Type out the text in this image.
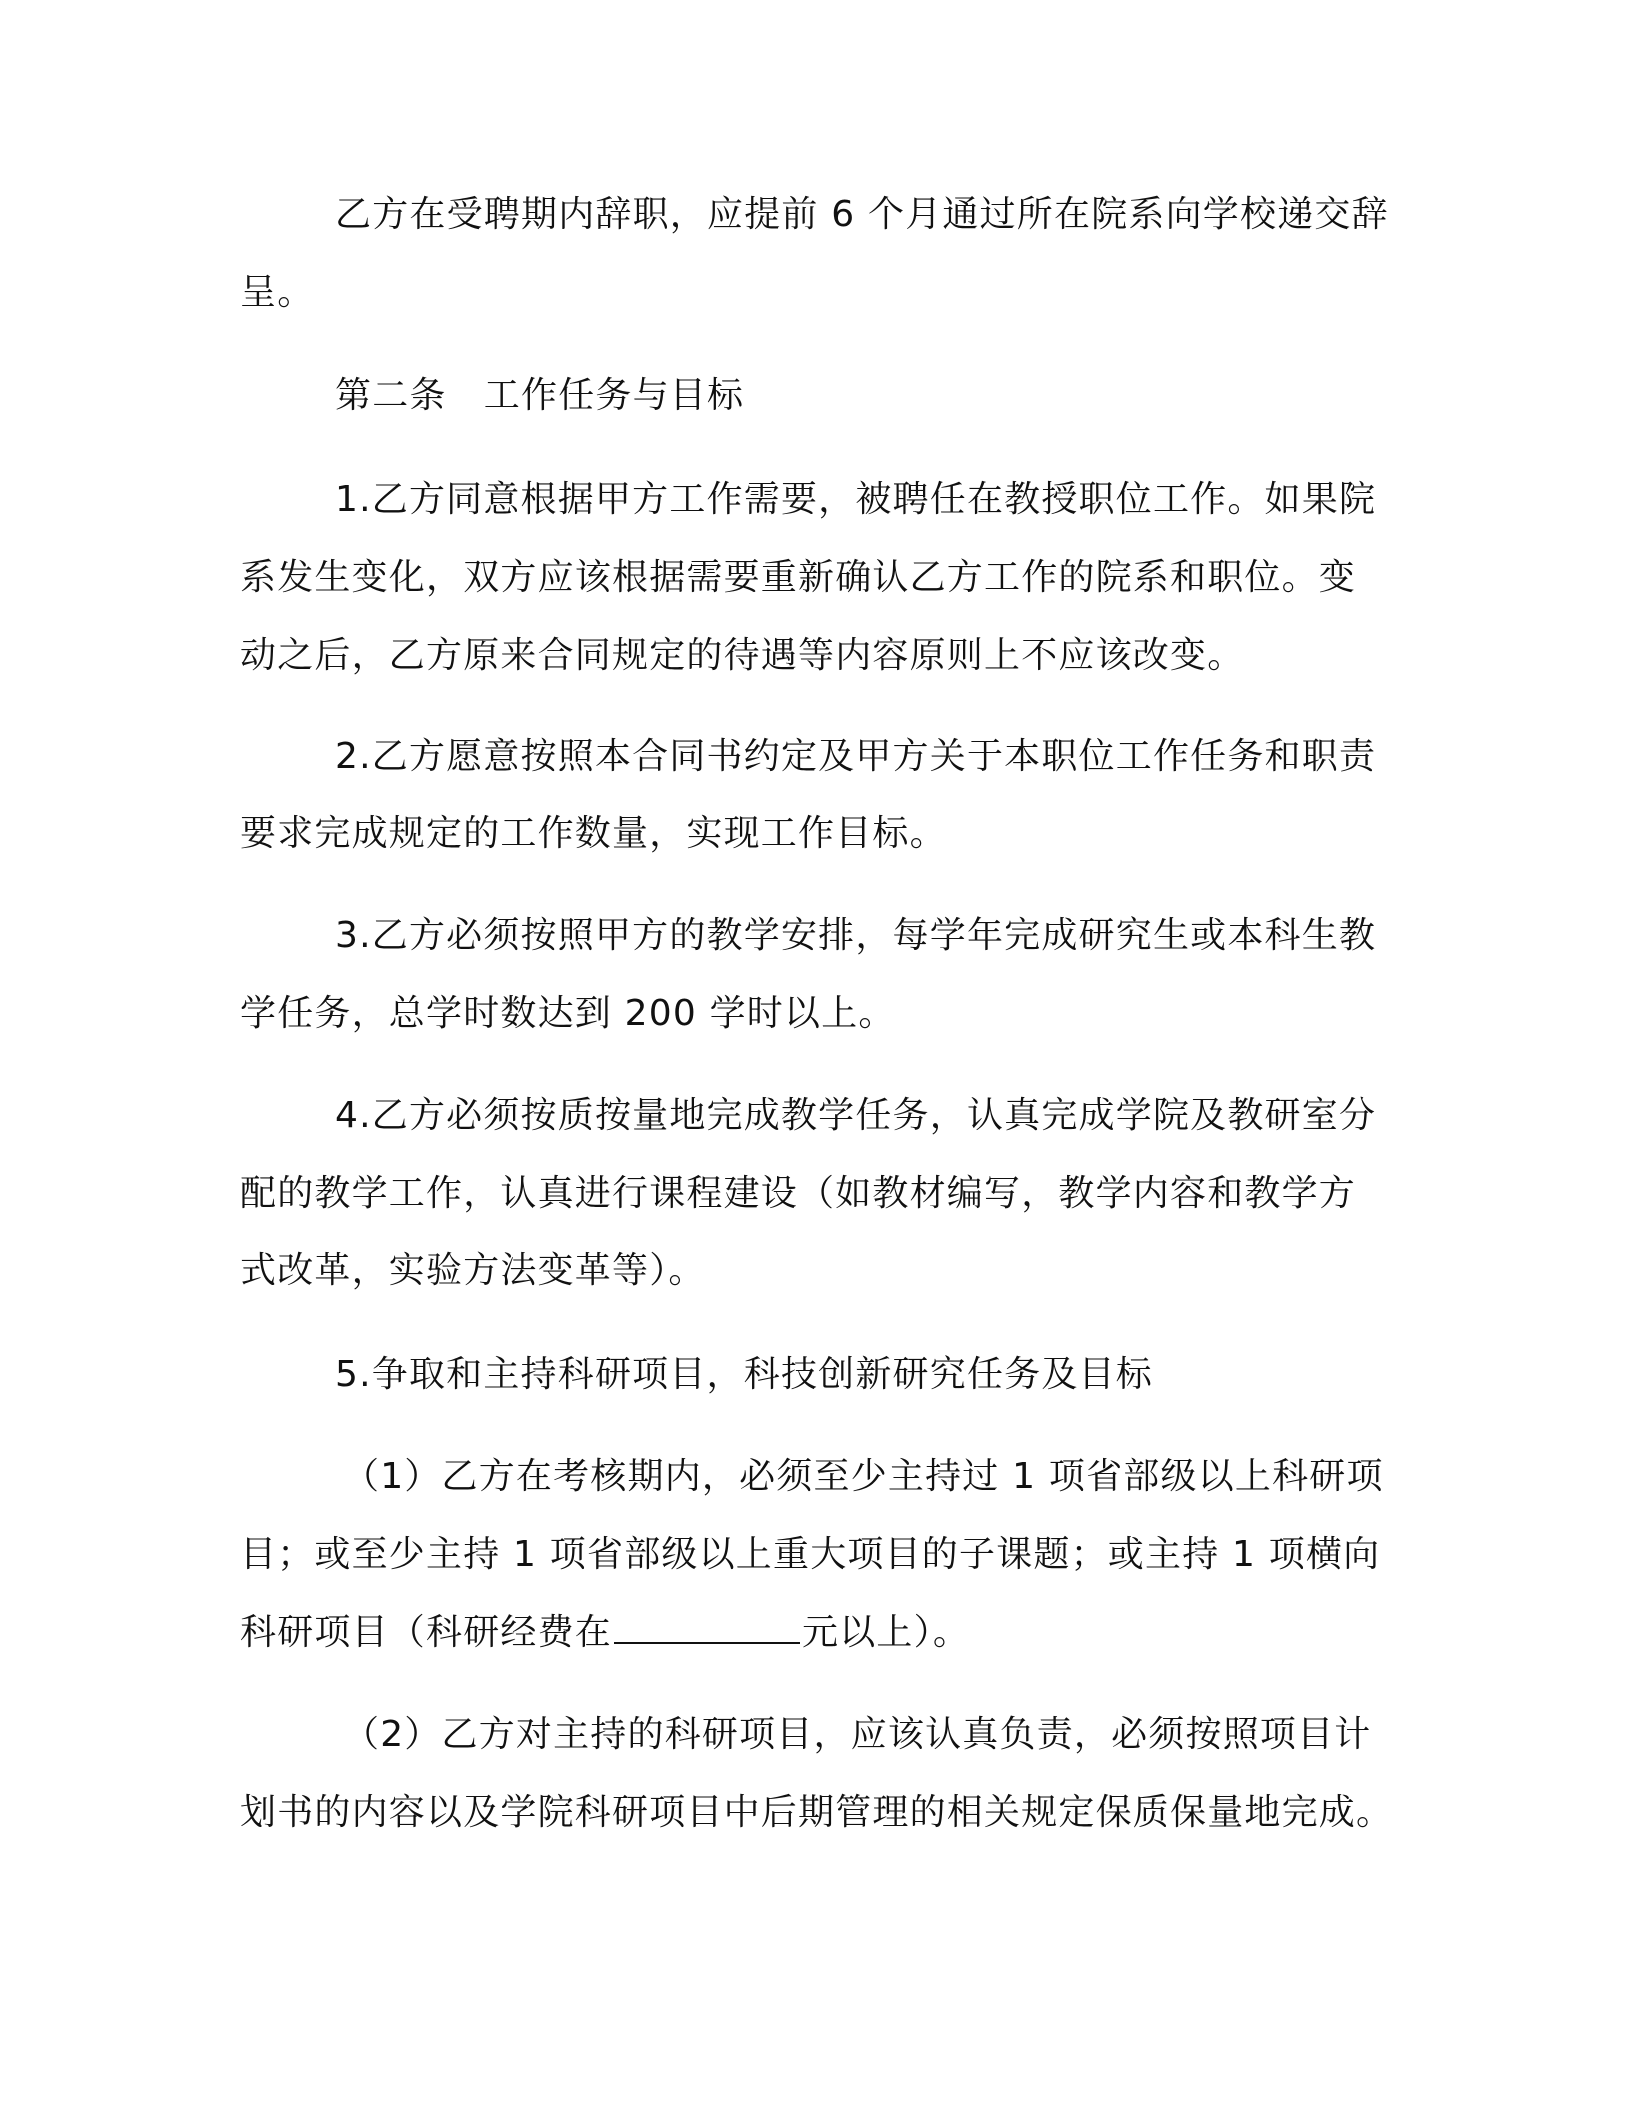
乙方在受聘期内辞职，应提前 6 个月通过所在院系向学校递交辞

呈。

第二条　工作任务与目标

1.乙方同意根据甲方工作需要，被聘任在教授职位工作。如果院

系发生变化，双方应该根据需要重新确认乙方工作的院系和职位。变

动之后，乙方原来合同规定的待遇等内容原则上不应该改变。

2.乙方愿意按照本合同书约定及甲方关于本职位工作任务和职责

要求完成规定的工作数量，实现工作目标。

3.乙方必须按照甲方的教学安排，每学年完成研究生或本科生教

学任务，总学时数达到 200 学时以上。

4.乙方必须按质按量地完成教学任务，认真完成学院及教研室分

配的教学工作，认真进行课程建设（如教材编写，教学内容和教学方

式改革，实验方法变革等）。

5.争取和主持科研项目，科技创新研究任务及目标

（1）乙方在考核期内，必须至少主持过 1 项省部级以上科研项

目；或至少主持 1 项省部级以上重大项目的子课题；或主持 1 项横向

科研项目（科研经费在	元以上）。

（2）乙方对主持的科研项目，应该认真负责，必须按照项目计

划书的内容以及学院科研项目中后期管理的相关规定保质保量地完成。
